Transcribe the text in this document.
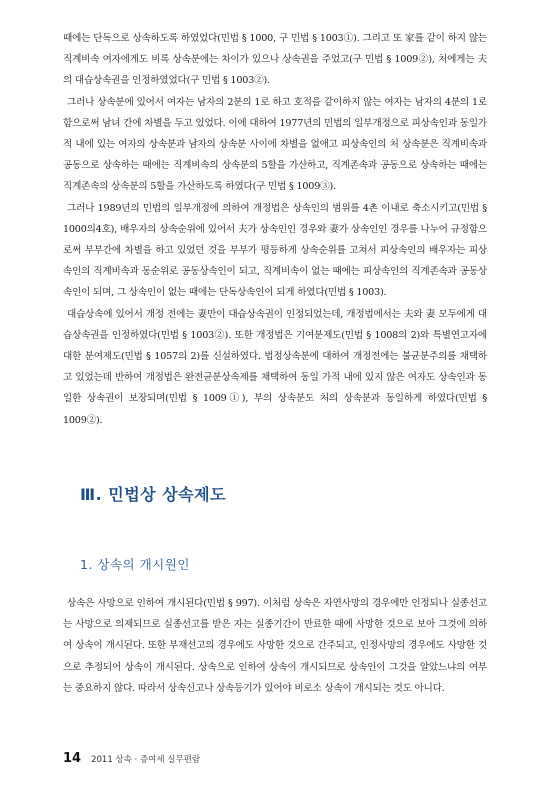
때에는 단독으로 상속하도록 하였었다(민법 § 1000, 구 민법 § 1003①). 그리고 또 家를 같이 하지 않는 직계비속 여자에게도 비록 상속분에는 차이가 있으나 상속권을 주었고(구 민법 § 1009②), 처에게는 夫의 대습상속권을 인정하였었다(구 민법 § 1003②).

그러나 상속분에 있어서 여자는 남자의 2분의 1로 하고 호적을 같이하지 않는 여자는 남자의 4분의 1로 함으로써 남녀 간에 차별을 두고 있었다. 이에 대하여 1977년의 민법의 일부개정으로 피상속인과 동일가적 내에 있는 여자의 상속분과 남자의 상속분 사이에 차별을 없애고 피상속인의 처 상속분은 직계비속과 공동으로 상속하는 때에는 직계비속의 상속분의 5할을 가산하고, 직계존속과 공동으로 상속하는 때에는 직계존속의 상속분의 5할을 가산하도록 하였다(구 민법 § 1009③).

그러나 1989년의 민법의 일부개정에 의하여 개정법은 상속인의 범위를 4촌 이내로 축소시키고(민법 § 1000의4호), 배우자의 상속순위에 있어서 夫가 상속인인 경우와 妻가 상속인인 경우를 나누어 규정함으로써 부부간에 차별을 하고 있었던 것을 부부가 평등하게 상속순위를 고쳐서 피상속인의 배우자는 피상속인의 직계비속과 동순위로 공동상속인이 되고, 직계비속이 없는 때에는 피상속인의 직계존속과 공동상속인이 되며, 그 상속인이 없는 때에는 단독상속인이 되게 하였다(민법 § 1003).

대습상속에 있어서 개정 전에는 妻만이 대습상속권이 인정되었는데, 개정법에서는 夫와 妻 모두에게 대습상속권을 인정하였다(민법 § 1003②). 또한 개정법은 기여분제도(민법 § 1008의 2)와 특별연고자에 대한 분여제도(민법 § 1057의 2)를 신설하였다. 법정상속분에 대하여 개정전에는 불균분주의를 채택하고 있었는데 반하여 개정법은 완전균분상속제를 채택하여 동일 가적 내에 있지 않은 여자도 상속인과 동일한 상속권이 보장되며(민법 § 1009①), 부의 상속분도 처의 상속분과 동일하게 하였다(민법 § 1009②).

Ⅲ. 민법상 상속제도
1. 상속의 개시원인

상속은 사망으로 인하여 개시된다(민법 § 997). 이처럼 상속은 자연사망의 경우에만 인정되나 실종선고는 사망으로 의제되므로 실종선고를 받은 자는 실종기간이 만료한 때에 사망한 것으로 보아 그것에 의하여 상속이 개시된다. 또한 부재선고의 경우에도 사망한 것으로 간주되고, 인정사망의 경우에도 사망한 것으로 추정되어 상속이 개시된다. 상속으로 인하여 상속이 개시되므로 상속인이 그것을 알았느냐의 여부는 중요하지 않다. 따라서 상속신고나 상속등기가 있어야 비로소 상속이 개시되는 것도 아니다.

14 2011 상속 · 증여세 실무편람
